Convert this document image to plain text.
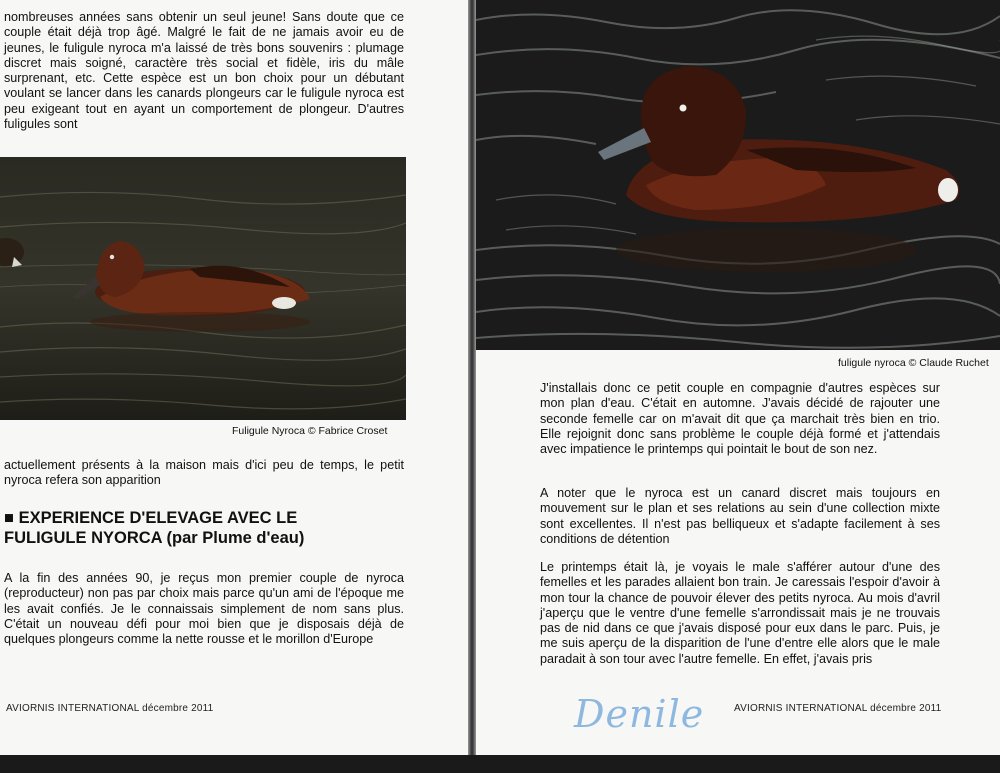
nombreuses années sans obtenir un seul jeune! Sans doute que ce couple était déjà trop âgé. Malgré le fait de ne jamais avoir eu de jeunes, le fuligule nyroca m'a laissé de très bons souvenirs : plumage discret mais soigné, caractère très social et fidèle, iris du mâle surprenant, etc. Cette espèce est un bon choix pour un débutant voulant se lancer dans les canards plongeurs car le fuligule nyroca est peu exigeant tout en ayant un comportement de plongeur. D'autres fuligules sont

Fuligule Nyroca © Fabrice Croset

actuellement présents à la maison mais d'ici peu de temps, le petit nyroca refera son apparition

■ EXPERIENCE D'ELEVAGE AVEC LE
FULIGULE NYORCA (par Plume d'eau)

A la fin des années 90, je reçus mon premier couple de nyroca (reproducteur) non pas par choix mais parce qu'un ami de l'époque me les avait confiés. Je le connaissais simplement de nom sans plus. C'était un nouveau défi pour moi bien que je disposais déjà de quelques plongeurs comme la nette rousse et le morillon d'Europe

AVIORNIS INTERNATIONAL décembre 2011
fuligule nyroca © Claude Ruchet

J'installais donc ce petit couple en compagnie d'autres espèces sur mon plan d'eau. C'était en automne. J'avais décidé de rajouter une seconde femelle car on m'avait dit que ça marchait très bien en trio. Elle rejoignit donc sans problème le couple déjà formé et j'attendais avec impatience le printemps qui pointait le bout de son nez.

A noter que le nyroca est un canard discret mais toujours en mouvement sur le plan et ses relations au sein d'une collection mixte sont excellentes. Il n'est pas belliqueux et s'adapte facilement à ses conditions de détention

Le printemps était là, je voyais le male s'afférer autour d'une des femelles et les parades allaient bon train. Je caressais l'espoir d'avoir à mon tour la chance de pouvoir élever des petits nyroca. Au mois d'avril j'aperçu que le ventre d'une femelle s'arrondissait mais je ne trouvais pas de nid dans ce que j'avais disposé pour eux dans le parc. Puis, je me suis aperçu de la disparition de l'une d'entre elle alors que le male paradait à son tour avec l'autre femelle. En effet, j'avais pris

Denile	AVIORNIS INTERNATIONAL décembre 2011
